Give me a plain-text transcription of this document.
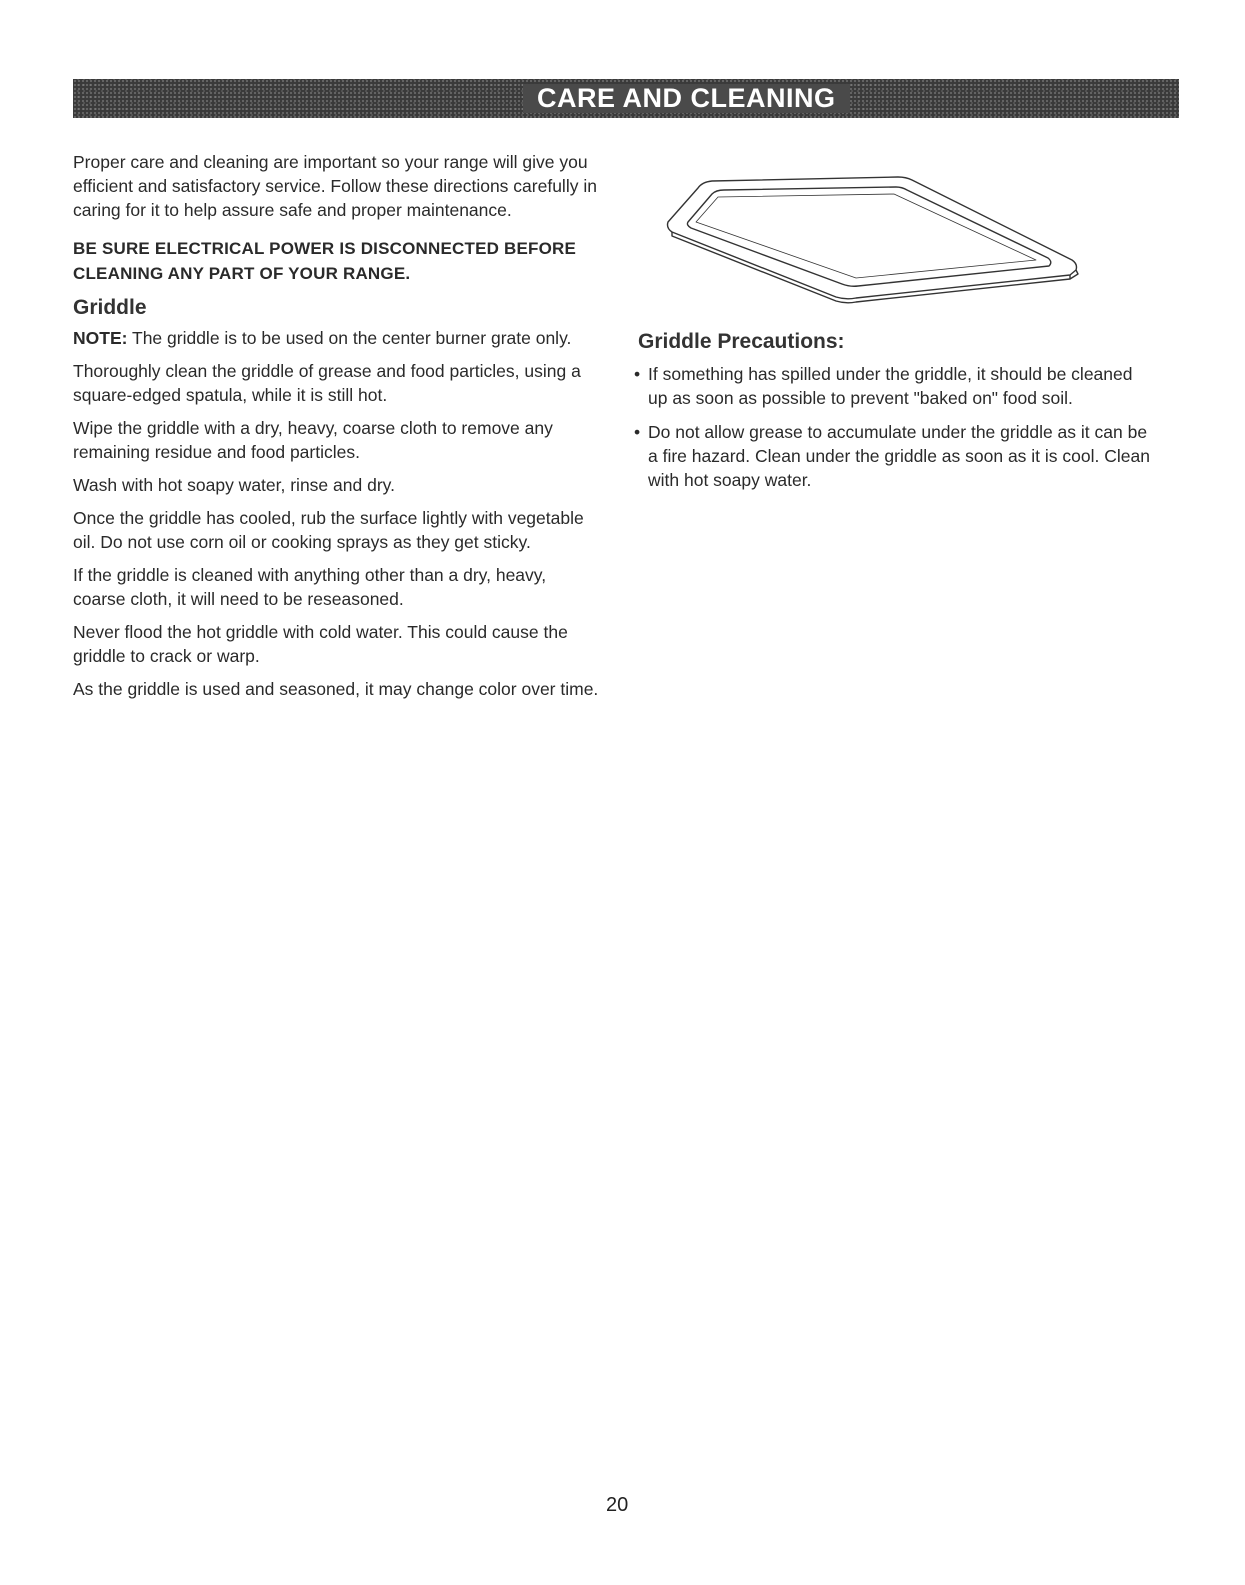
CARE AND CLEANING

Proper care and cleaning are important so your range will give you efficient and satisfactory service. Follow these directions carefully in caring for it to help assure safe and proper maintenance.

BE SURE ELECTRICAL POWER IS DISCONNECTED BEFORE CLEANING ANY PART OF YOUR RANGE.

Griddle

NOTE: The griddle is to be used on the center burner grate only.

Thoroughly clean the griddle of grease and food particles, using a square-edged spatula, while it is still hot.

Wipe the griddle with a dry, heavy, coarse cloth to remove any remaining residue and food particles.

Wash with hot soapy water, rinse and dry.

Once the griddle has cooled, rub the surface lightly with vegetable oil. Do not use corn oil or cooking sprays as they get sticky.

If the griddle is cleaned with anything other than a dry, heavy, coarse cloth, it will need to be reseasoned.

Never flood the hot griddle with cold water. This could cause the griddle to crack or warp.

As the griddle is used and seasoned, it may change color over time.

Griddle Precautions:
• If something has spilled under the griddle, it should be cleaned up as soon as possible to prevent "baked on" food soil.
• Do not allow grease to accumulate under the griddle as it can be a fire hazard. Clean under the griddle as soon as it is cool. Clean with hot soapy water.
20
